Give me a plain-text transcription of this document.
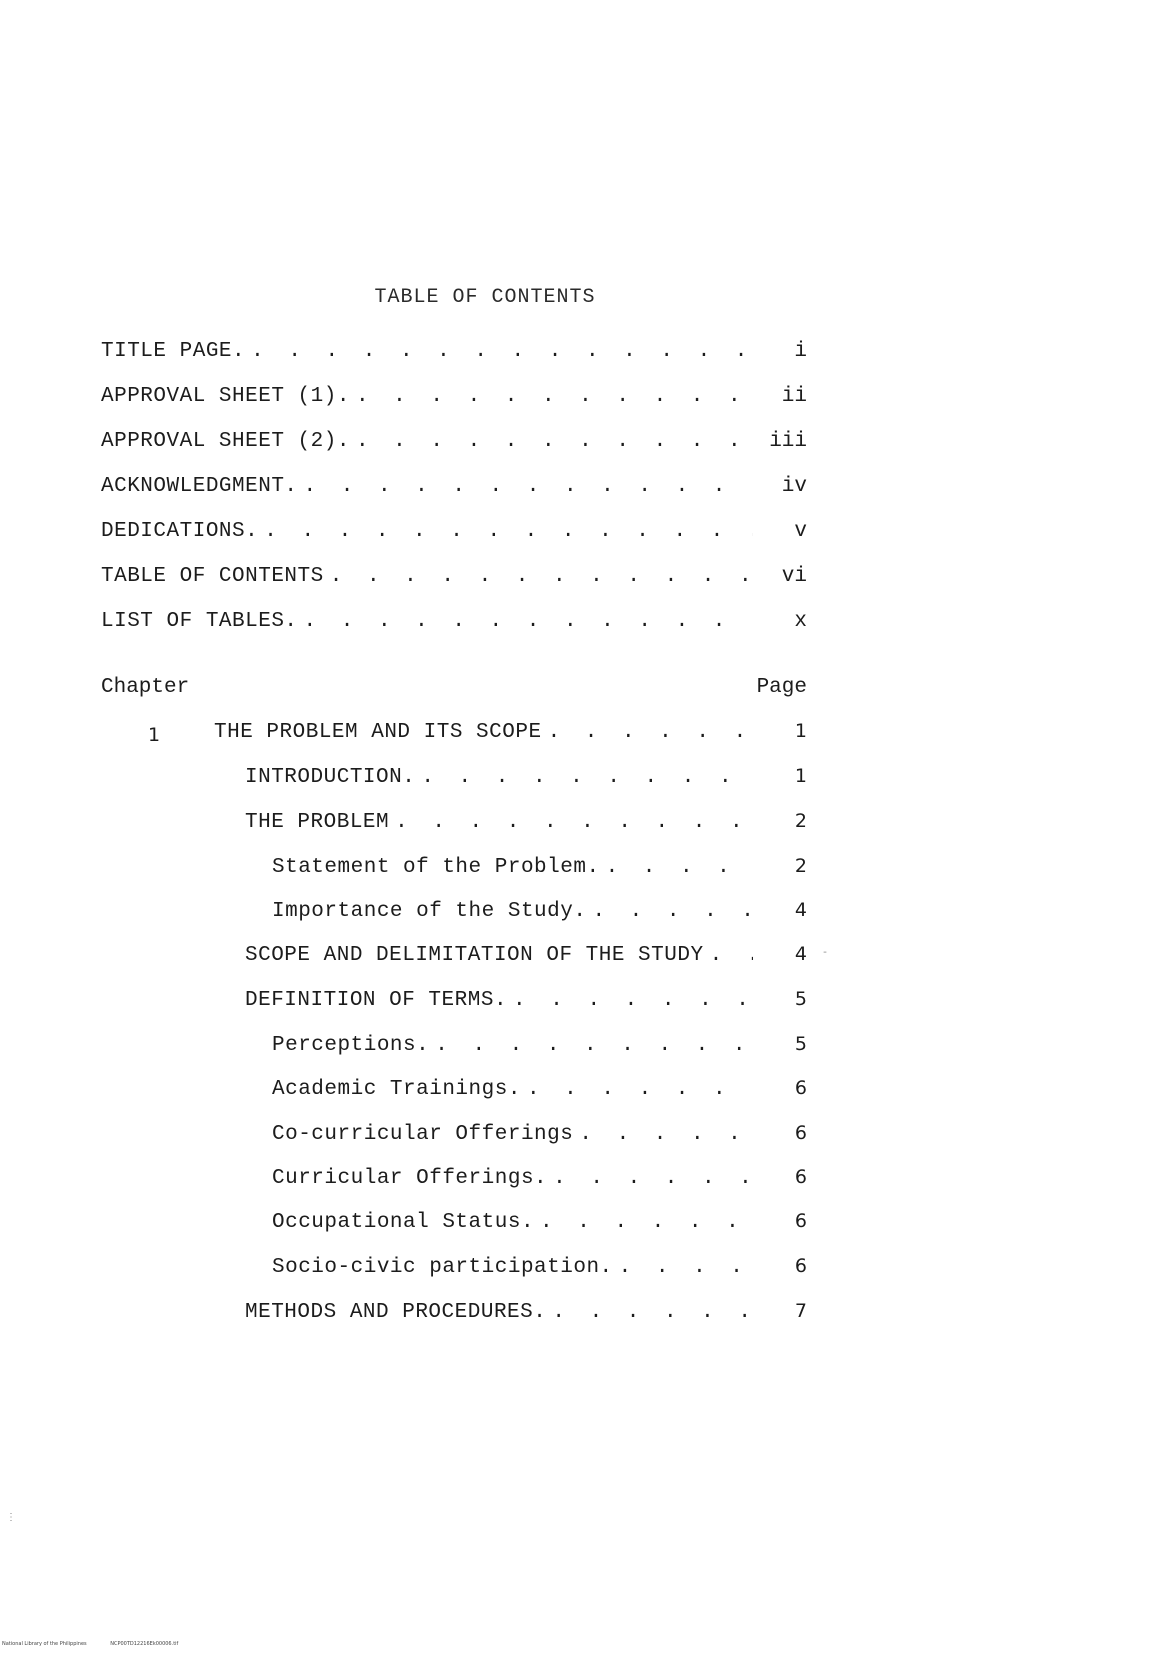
TABLE OF CONTENTS
TITLE PAGE. . . .	i
APPROVAL SHEET (1). . . .	ii
APPROVAL SHEET (2). . . .	iii
ACKNOWLEDGMENT. . . .	iv
DEDICATIONS. . . .	v
TABLE OF CONTENTS . . .	vi
LIST OF TABLES. . . .	x
Chapter	Page
1	THE PROBLEM AND ITS SCOPE . . .	1
INTRODUCTION. . . .	1
THE PROBLEM . . .	2
Statement of the Problem. . . .	2
Importance of the Study. . . .	4
SCOPE AND DELIMITATION OF THE STUDY . . .	4
DEFINITION OF TERMS. . . .	5
Perceptions. . . .	5
Academic Trainings. . . .	6
Co-curricular Offerings . . .	6
Curricular Offerings. . . .	6
Occupational Status. . . .	6
Socio-civic participation. . . .	6
METHODS AND PROCEDURES. . . .	7
‐
⋮
National Library of the Philippines	NCP00TD12216Ek00006.tif
